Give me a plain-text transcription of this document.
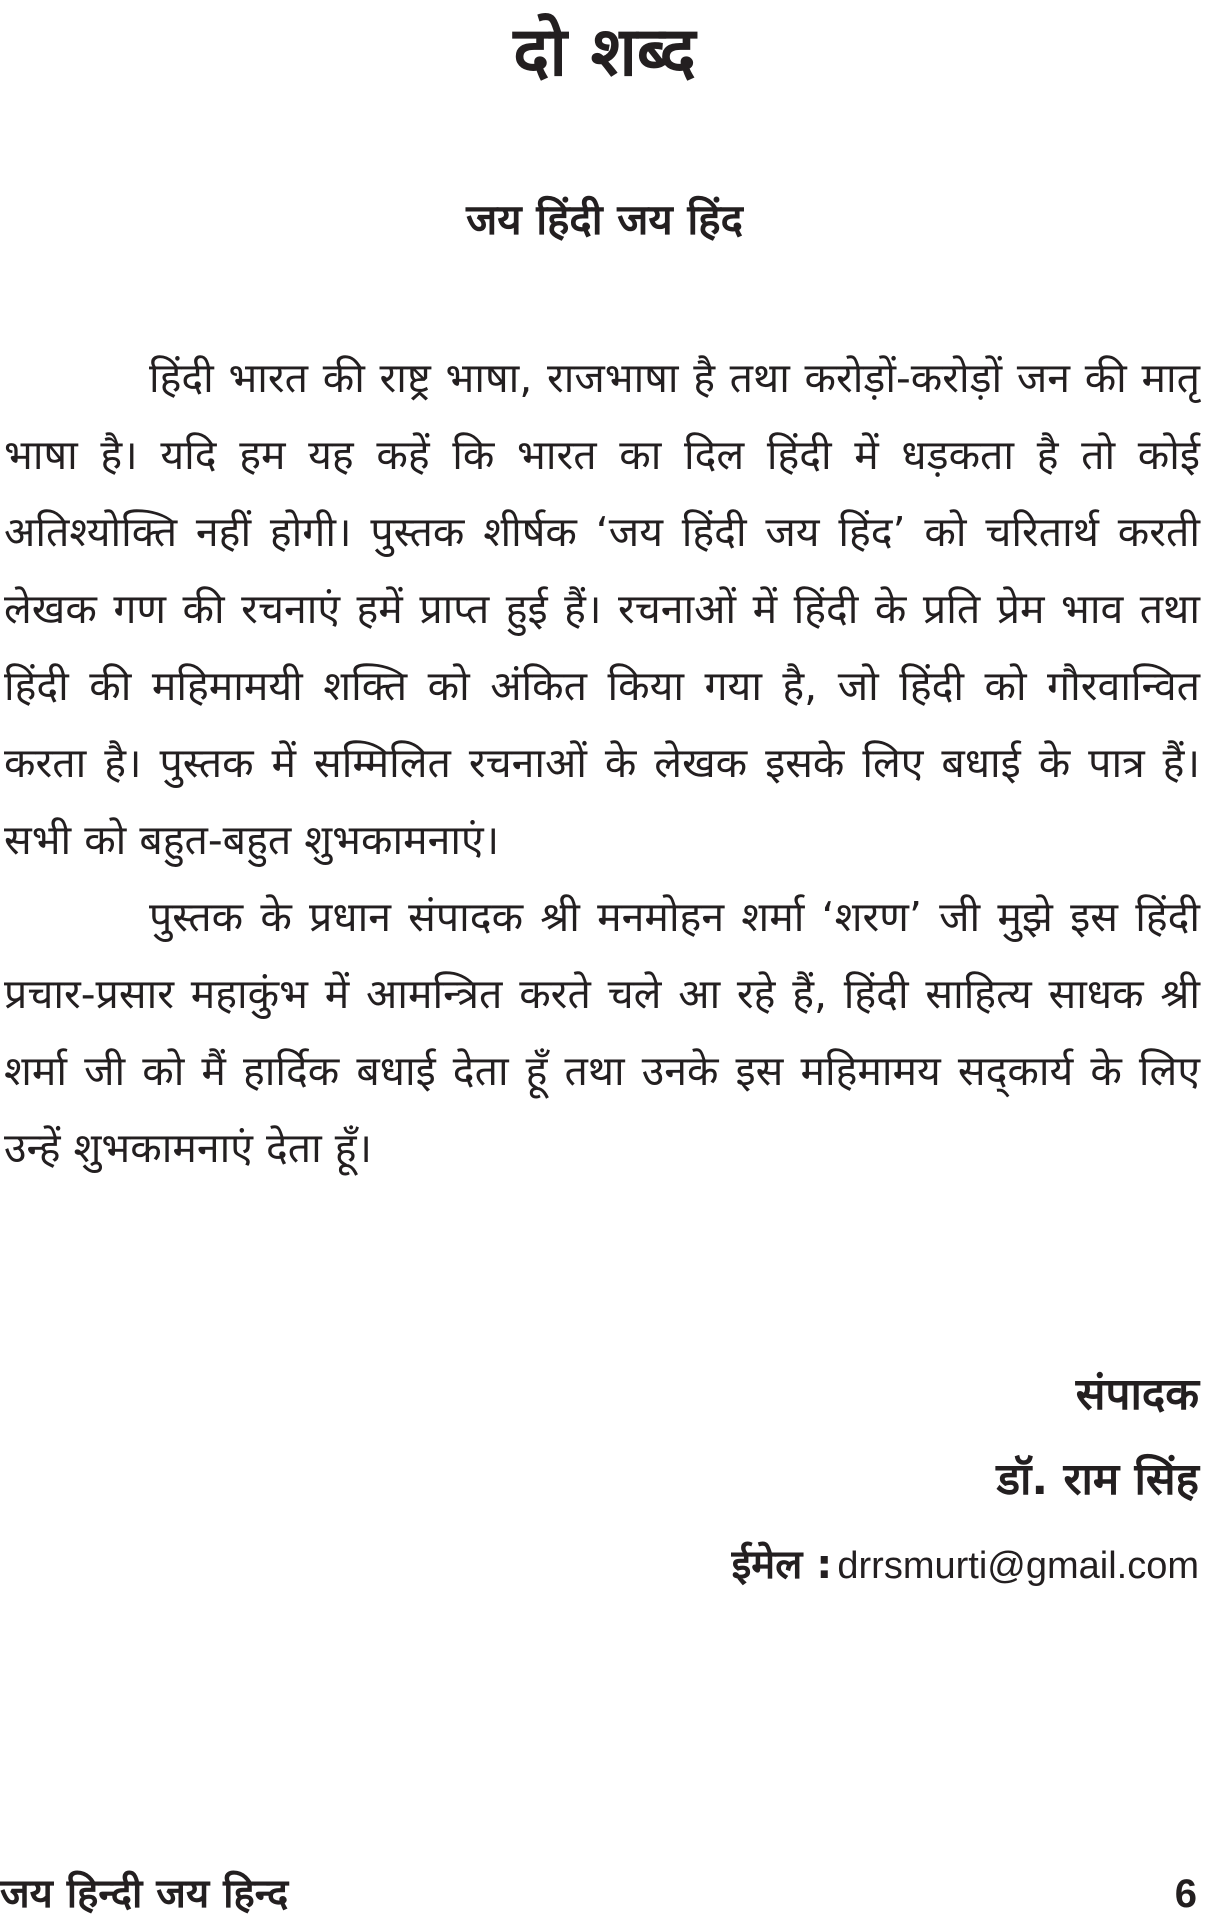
दो शब्द
जय हिंदी जय हिंद

हिंदी भारत की राष्ट्र भाषा, राजभाषा है तथा करोड़ों-करोड़ों जन की मातृ भाषा है। यदि हम यह कहें कि भारत का दिल हिंदी में धड़कता है तो कोई अतिश्योक्ति नहीं होगी। पुस्तक शीर्षक ‘जय हिंदी जय हिंद’ को चरितार्थ करती लेखक गण की रचनाएं हमें प्राप्त हुई हैं। रचनाओं में हिंदी के प्रति प्रेम भाव तथा हिंदी की महिमामयी शक्ति को अंकित किया गया है, जो हिंदी को गौरवान्वित करता है। पुस्तक में सम्मिलित रचनाओं के लेखक इसके लिए बधाई के पात्र हैं। सभी को बहुत-बहुत शुभकामनाएं।

पुस्तक के प्रधान संपादक श्री मनमोहन शर्मा ‘शरण’ जी मुझे इस हिंदी प्रचार-प्रसार महाकुंभ में आमन्त्रित करते चले आ रहे हैं, हिंदी साहित्य साधक श्री शर्मा जी को मैं हार्दिक बधाई देता हूँ तथा उनके इस महिमामय सद्कार्य के लिए उन्हें शुभकामनाएं देता हूँ।

संपादक
डॉ. राम सिंह
ईमेल : drrsmurti@gmail.com
जय हिन्दी जय हिन्द	6
